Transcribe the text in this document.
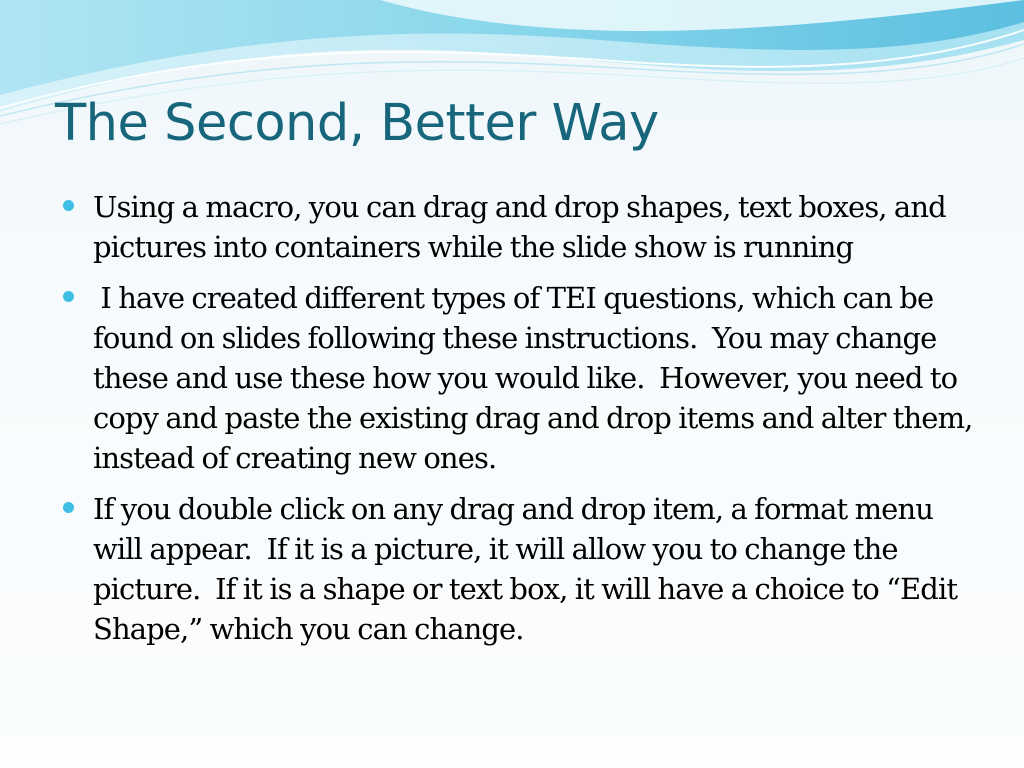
The Second, Better Way
Using a macro, you can drag and drop shapes, text boxes, and pictures into containers while the slide show is running
I have created different types of TEI questions, which can be found on slides following these instructions.  You may change these and use these how you would like.  However, you need to copy and paste the existing drag and drop items and alter them, instead of creating new ones.
If you double click on any drag and drop item, a format menu will appear.  If it is a picture, it will allow you to change the picture.  If it is a shape or text box, it will have a choice to “Edit Shape,” which you can change.
